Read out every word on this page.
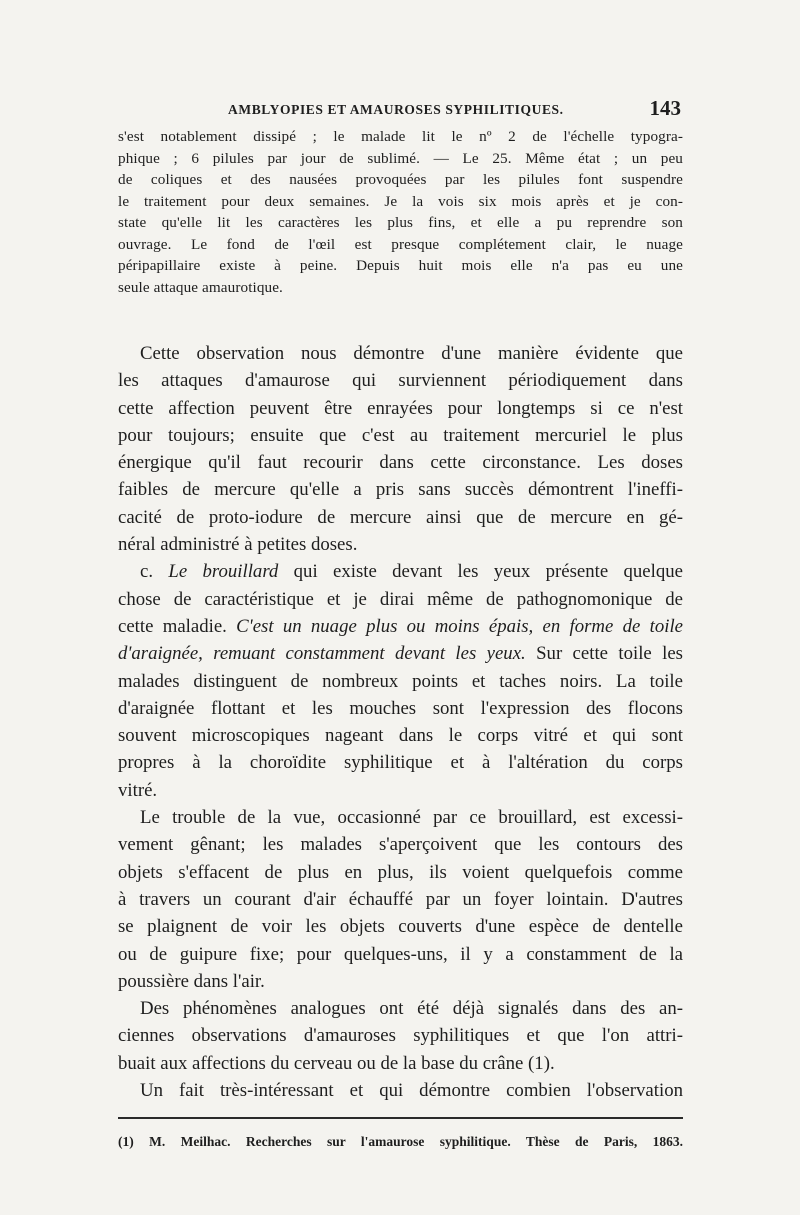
AMBLYOPIES ET AMAUROSES SYPHILITIQUES.	143
s'est notablement dissipé ; le malade lit le nº 2 de l'échelle typogra-
phique ; 6 pilules par jour de sublimé. — Le 25. Même état ; un peu
de coliques et des nausées provoquées par les pilules font suspendre
le traitement pour deux semaines. Je la vois six mois après et je con-
state qu'elle lit les caractères les plus fins, et elle a pu reprendre son
ouvrage. Le fond de l'œil est presque complétement clair, le nuage
péripapillaire existe à peine. Depuis huit mois elle n'a pas eu une
seule attaque amaurotique.
Cette observation nous démontre d'une manière évidente que
les attaques d'amaurose qui surviennent périodiquement dans
cette affection peuvent être enrayées pour longtemps si ce n'est
pour toujours; ensuite que c'est au traitement mercuriel le plus
énergique qu'il faut recourir dans cette circonstance. Les doses
faibles de mercure qu'elle a pris sans succès démontrent l'ineffi-
cacité de proto-iodure de mercure ainsi que de mercure en gé-
néral administré à petites doses.
c. Le brouillard qui existe devant les yeux présente quelque
chose de caractéristique et je dirai même de pathognomonique de
cette maladie. C'est un nuage plus ou moins épais, en forme de toile
d'araignée, remuant constamment devant les yeux. Sur cette toile les
malades distinguent de nombreux points et taches noirs. La toile
d'araignée flottant et les mouches sont l'expression des flocons
souvent microscopiques nageant dans le corps vitré et qui sont
propres à la choroïdite syphilitique et à l'altération du corps
vitré.
Le trouble de la vue, occasionné par ce brouillard, est excessi-
vement gênant; les malades s'aperçoivent que les contours des
objets s'effacent de plus en plus, ils voient quelquefois comme
à travers un courant d'air échauffé par un foyer lointain. D'autres
se plaignent de voir les objets couverts d'une espèce de dentelle
ou de guipure fixe; pour quelques-uns, il y a constamment de la
poussière dans l'air.
Des phénomènes analogues ont été déjà signalés dans des an-
ciennes observations d'amauroses syphilitiques et que l'on attri-
buait aux affections du cerveau ou de la base du crâne (1).
Un fait très-intéressant et qui démontre combien l'observation
(1) M. Meilhac. Recherches sur l'amaurose syphilitique. Thèse de Paris, 1863.
